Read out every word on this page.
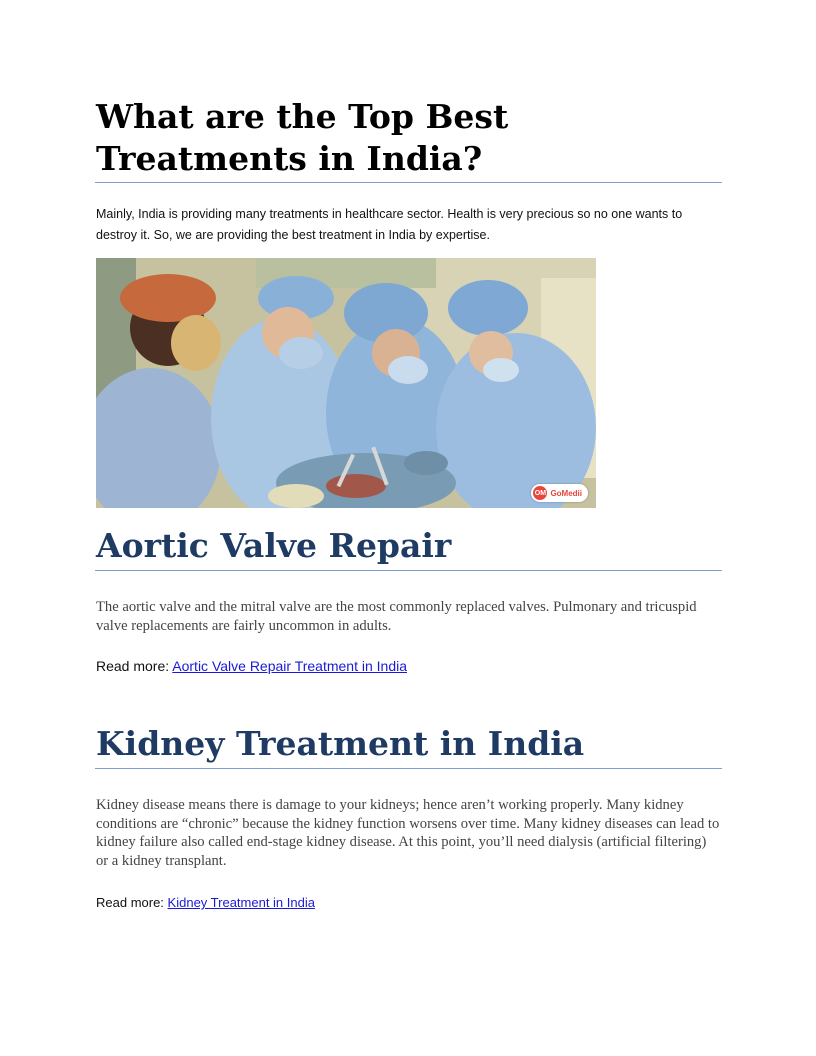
What are the Top Best Treatments in India?

Mainly, India is providing many treatments in healthcare sector. Health is very precious so no one wants to destroy it. So, we are providing the best treatment in India by expertise.

OM GoMedii
Aortic Valve Repair

The aortic valve and the mitral valve are the most commonly replaced valves. Pulmonary and tricuspid valve replacements are fairly uncommon in adults.

Read more: Aortic Valve Repair Treatment in India

Kidney Treatment in India

Kidney disease means there is damage to your kidneys; hence aren’t working properly. Many kidney conditions are “chronic” because the kidney function worsens over time. Many kidney diseases can lead to kidney failure also called end-stage kidney disease. At this point, you’ll need dialysis (artificial filtering) or a kidney transplant.

Read more: Kidney Treatment in India
